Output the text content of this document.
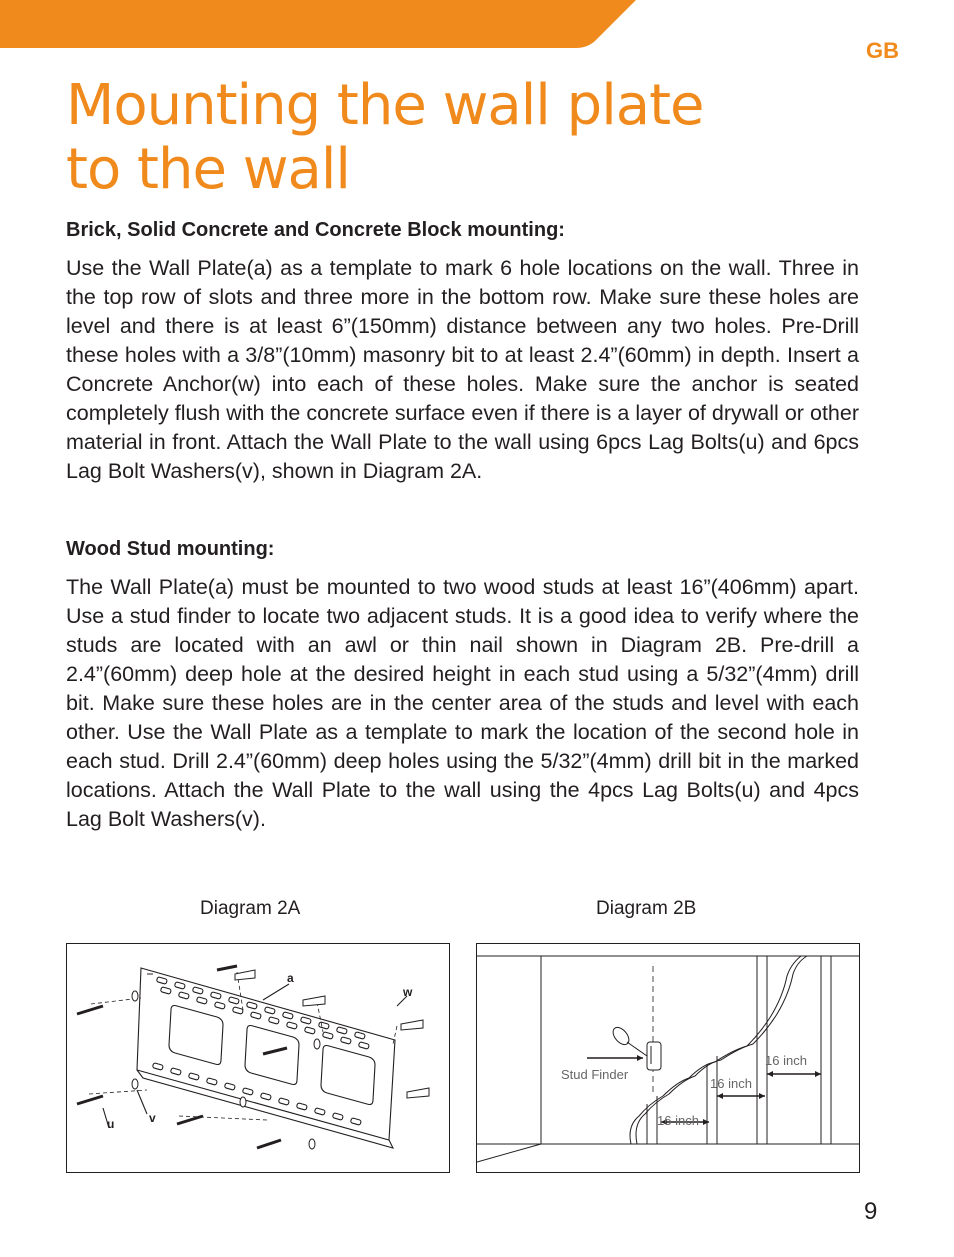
GB
Mounting the wall plate
to the wall
Brick, Solid Concrete and Concrete Block mounting:

Use the Wall Plate(a) as a template to mark 6 hole locations on the wall. Three in the top row of slots and three more in the bottom row. Make sure these holes are level and there is at least 6”(150mm) distance between any two holes. Pre-Drill these holes with a 3/8”(10mm) masonry bit to at least 2.4”(60mm) in depth. Insert a Concrete Anchor(w) into each of these holes. Make sure the anchor is seated completely flush with the concrete surface even if there is a layer of drywall or other material in front. Attach the Wall Plate to the wall using 6pcs Lag Bolts(u) and 6pcs Lag Bolt Washers(v), shown in Diagram 2A.

Wood Stud mounting:

The Wall Plate(a) must be mounted to two wood studs at least 16”(406mm) apart. Use a stud finder to locate two adjacent studs. It is a good idea to verify where the studs are located with an awl or thin nail shown in Diagram 2B. Pre-drill a 2.4”(60mm) deep hole at the desired height in each stud using a 5/32”(4mm) drill bit. Make sure these holes are in the center area of the studs and level with each other. Use the Wall Plate as a template to mark the location of the second hole in each stud. Drill 2.4”(60mm) deep holes using the 5/32”(4mm) drill bit in the marked locations. Attach the Wall Plate to the wall using the 4pcs Lag Bolts(u) and 4pcs Lag Bolt Washers(v).

Diagram 2A	Diagram 2B
a
w
u	v
Stud Finder
16 inch
16 inch
16 inch
9
